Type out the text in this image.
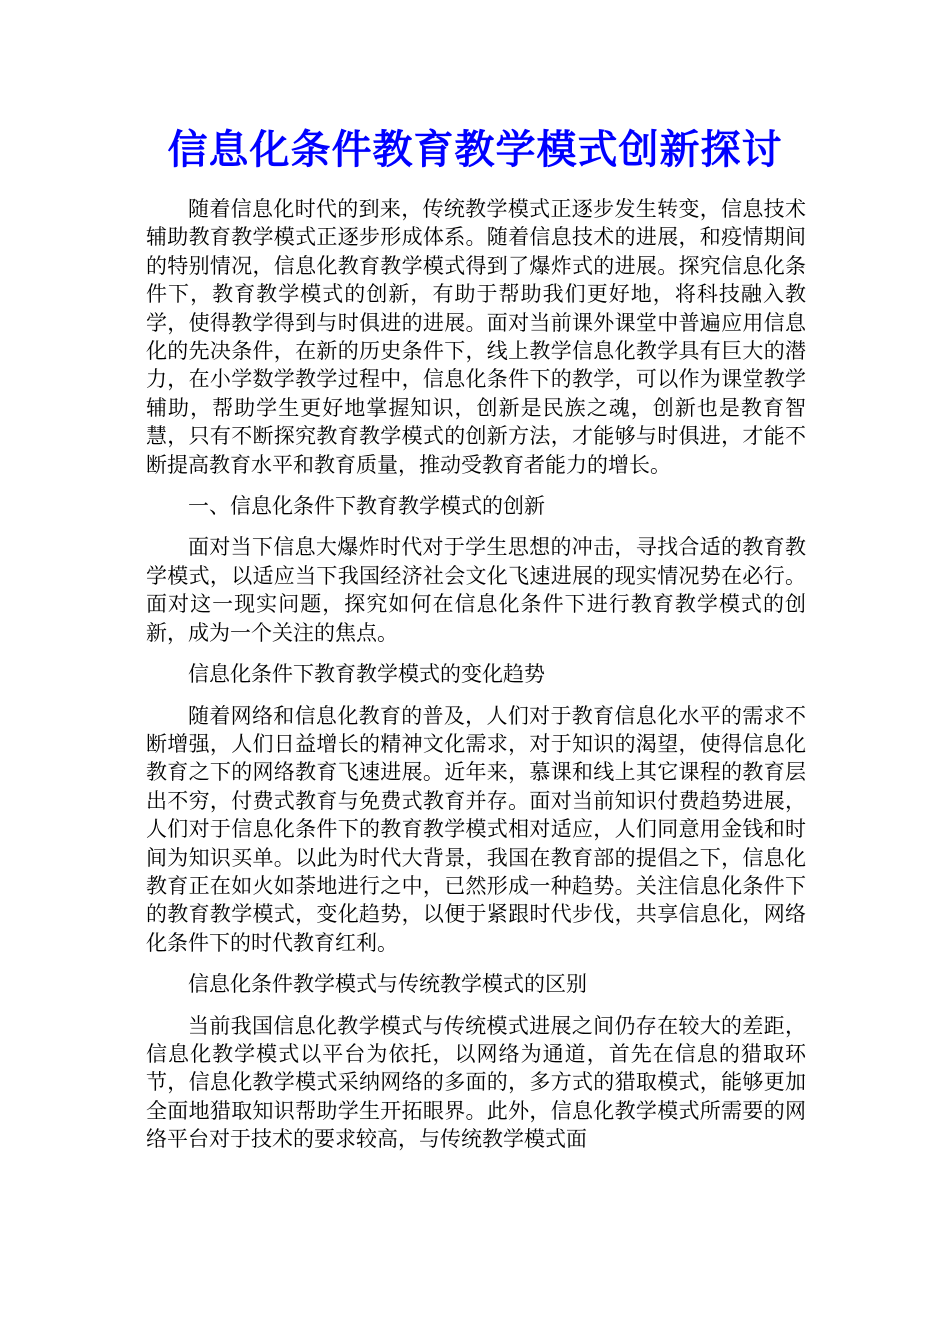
信息化条件教育教学模式创新探讨

随着信息化时代的到来，传统教学模式正逐步发生转变，信息技术辅助教育教学模式正逐步形成体系。随着信息技术的进展，和疫情期间的特别情况，信息化教育教学模式得到了爆炸式的进展。探究信息化条件下，教育教学模式的创新，有助于帮助我们更好地，将科技融入教学，使得教学得到与时俱进的进展。面对当前课外课堂中普遍应用信息化的先决条件，在新的历史条件下，线上教学信息化教学具有巨大的潜力，在小学数学教学过程中，信息化条件下的教学，可以作为课堂教学辅助，帮助学生更好地掌握知识，创新是民族之魂，创新也是教育智慧，只有不断探究教育教学模式的创新方法，才能够与时俱进，才能不断提高教育水平和教育质量，推动受教育者能力的增长。

一、信息化条件下教育教学模式的创新

面对当下信息大爆炸时代对于学生思想的冲击，寻找合适的教育教学模式，以适应当下我国经济社会文化飞速进展的现实情况势在必行。面对这一现实问题，探究如何在信息化条件下进行教育教学模式的创新，成为一个关注的焦点。

信息化条件下教育教学模式的变化趋势

随着网络和信息化教育的普及，人们对于教育信息化水平的需求不断增强，人们日益增长的精神文化需求，对于知识的渴望，使得信息化教育之下的网络教育飞速进展。近年来，慕课和线上其它课程的教育层出不穷，付费式教育与免费式教育并存。面对当前知识付费趋势进展，人们对于信息化条件下的教育教学模式相对适应，人们同意用金钱和时间为知识买单。以此为时代大背景，我国在教育部的提倡之下，信息化教育正在如火如荼地进行之中，已然形成一种趋势。关注信息化条件下的教育教学模式，变化趋势，以便于紧跟时代步伐，共享信息化，网络化条件下的时代教育红利。

信息化条件教学模式与传统教学模式的区别

当前我国信息化教学模式与传统模式进展之间仍存在较大的差距，信息化教学模式以平台为依托，以网络为通道，首先在信息的猎取环节，信息化教学模式采纳网络的多面的，多方式的猎取模式，能够更加全面地猎取知识帮助学生开拓眼界。此外，信息化教学模式所需要的网络平台对于技术的要求较高，与传统教学模式面
